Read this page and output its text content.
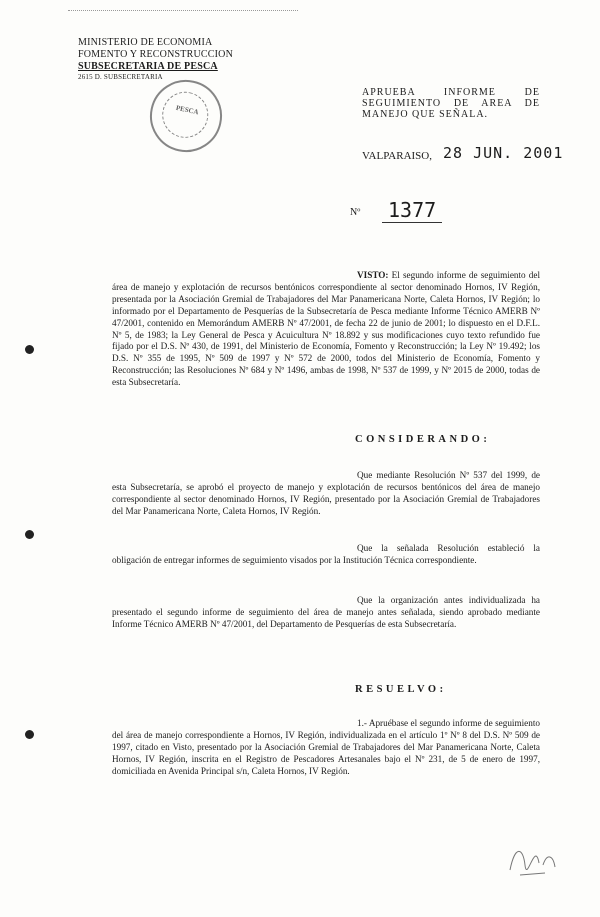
MINISTERIO DE ECONOMIA
FOMENTO Y RECONSTRUCCION
SUBSECRETARIA DE PESCA
2615 D. SUBSECRETARIA
PESCA
APRUEBA INFORME DE SEGUIMIENTO DE AREA DE MANEJO QUE SEÑALA.
VALPARAISO, 28 JUN. 2001
Nº	1377
VISTO: El segundo informe de seguimiento del área de manejo y explotación de recursos bentónicos correspondiente al sector denominado Hornos, IV Región, presentada por la Asociación Gremial de Trabajadores del Mar Panamericana Norte, Caleta Hornos, IV Región; lo informado por el Departamento de Pesquerías de la Subsecretaría de Pesca mediante Informe Técnico AMERB Nº 47/2001, contenido en Memorándum AMERB Nº 47/2001, de fecha 22 de junio de 2001; lo dispuesto en el D.F.L. Nº 5, de 1983; la Ley General de Pesca y Acuicultura Nº 18.892 y sus modificaciones cuyo texto refundido fue fijado por el D.S. Nº 430, de 1991, del Ministerio de Economía, Fomento y Reconstrucción; la Ley Nº 19.492; los D.S. Nº 355 de 1995, Nº 509 de 1997 y Nº 572 de 2000, todos del Ministerio de Economía, Fomento y Reconstrucción; las Resoluciones Nº 684 y Nº 1496, ambas de 1998, Nº 537 de 1999, y Nº 2015 de 2000, todas de esta Subsecretaría.
CONSIDERANDO:
Que mediante Resolución Nº 537 del 1999, de esta Subsecretaría, se aprobó el proyecto de manejo y explotación de recursos bentónicos del área de manejo correspondiente al sector denominado Hornos, IV Región, presentado por la Asociación Gremial de Trabajadores del Mar Panamericana Norte, Caleta Hornos, IV Región.
Que la señalada Resolución estableció la obligación de entregar informes de seguimiento visados por la Institución Técnica correspondiente.
Que la organización antes individualizada ha presentado el segundo informe de seguimiento del área de manejo antes señalada, siendo aprobado mediante Informe Técnico AMERB Nº 47/2001, del Departamento de Pesquerías de esta Subsecretaría.
RESUELVO:
1.- Apruébase el segundo informe de seguimiento del área de manejo correspondiente a Hornos, IV Región, individualizada en el artículo 1º Nº 8 del D.S. Nº 509 de 1997, citado en Visto, presentado por la Asociación Gremial de Trabajadores del Mar Panamericana Norte, Caleta Hornos, IV Región, inscrita en el Registro de Pescadores Artesanales bajo el Nº 231, de 5 de enero de 1997, domiciliada en Avenida Principal s/n, Caleta Hornos, IV Región.
